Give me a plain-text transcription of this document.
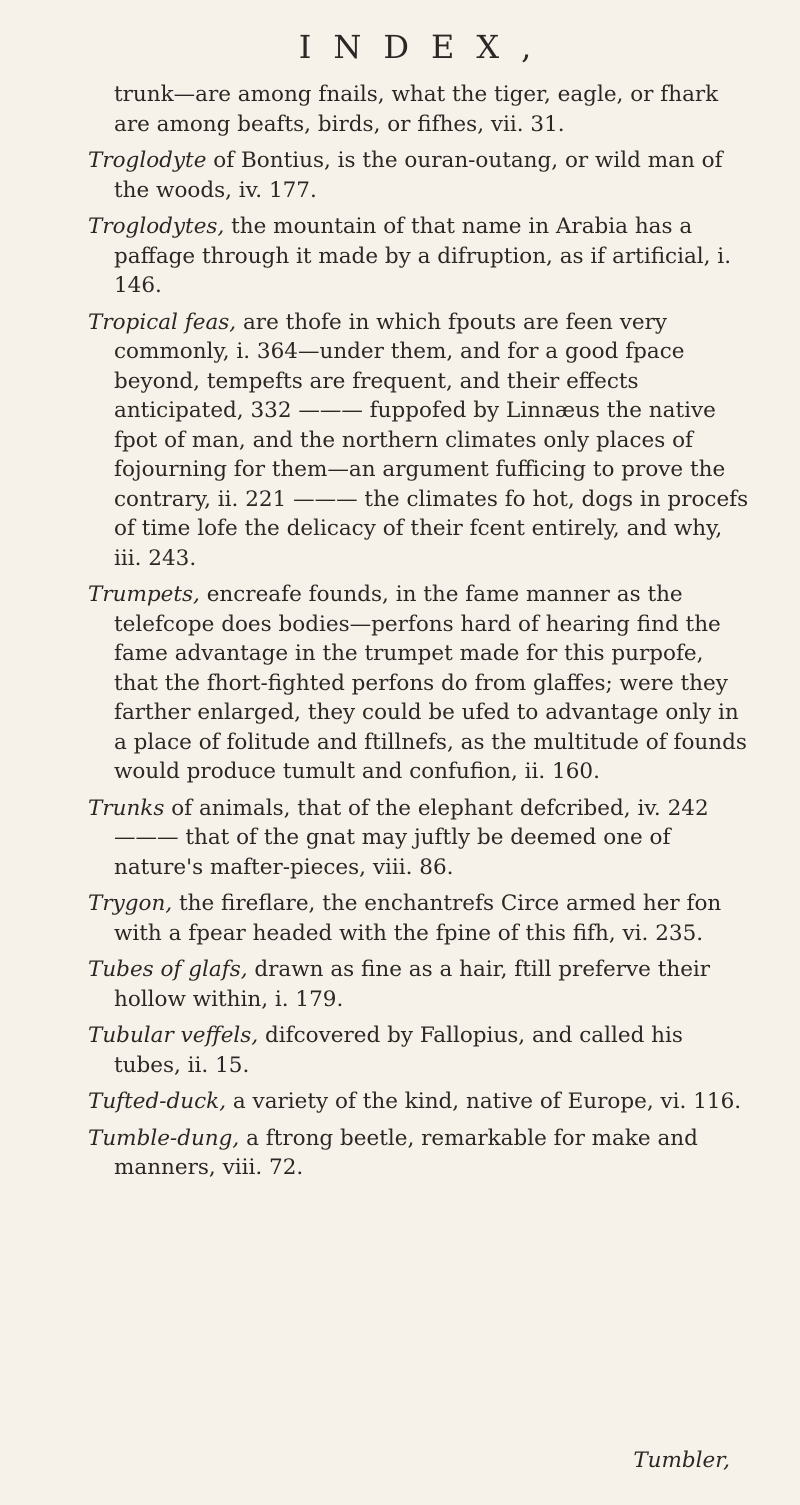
INDEX,

trunk—are among fnails, what the tiger, eagle, or fhark are among beafts, birds, or fifhes, vii. 31.

Troglodyte of Bontius, is the ouran-outang, or wild man of the woods, iv. 177.

Troglodytes, the mountain of that name in Arabia has a paffage through it made by a difruption, as if artificial, i. 146.

Tropical feas, are thofe in which fpouts are feen very commonly, i. 364—under them, and for a good fpace beyond, tempefts are frequent, and their effects anticipated, 332 ——— fuppofed by Linnæus the native fpot of man, and the northern climates only places of fojourning for them—an argument fufficing to prove the contrary, ii. 221 ——— the climates fo hot, dogs in procefs of time lofe the delicacy of their fcent entirely, and why, iii. 243.

Trumpets, encreafe founds, in the fame manner as the telefcope does bodies—perfons hard of hearing find the fame advantage in the trumpet made for this purpofe, that the fhort-fighted perfons do from glaffes; were they farther enlarged, they could be ufed to advantage only in a place of folitude and ftillnefs, as the multitude of founds would produce tumult and confufion, ii. 160.

Trunks of animals, that of the elephant defcribed, iv. 242 ——— that of the gnat may juftly be deemed one of nature's mafter-pieces, viii. 86.

Trygon, the fireflare, the enchantrefs Circe armed her fon with a fpear headed with the fpine of this fifh, vi. 235.

Tubes of glafs, drawn as fine as a hair, ftill preferve their hollow within, i. 179.

Tubular veffels, difcovered by Fallopius, and called his tubes, ii. 15.

Tufted-duck, a variety of the kind, native of Europe, vi. 116.

Tumble-dung, a ftrong beetle, remarkable for make and manners, viii. 72.

Tumbler,
